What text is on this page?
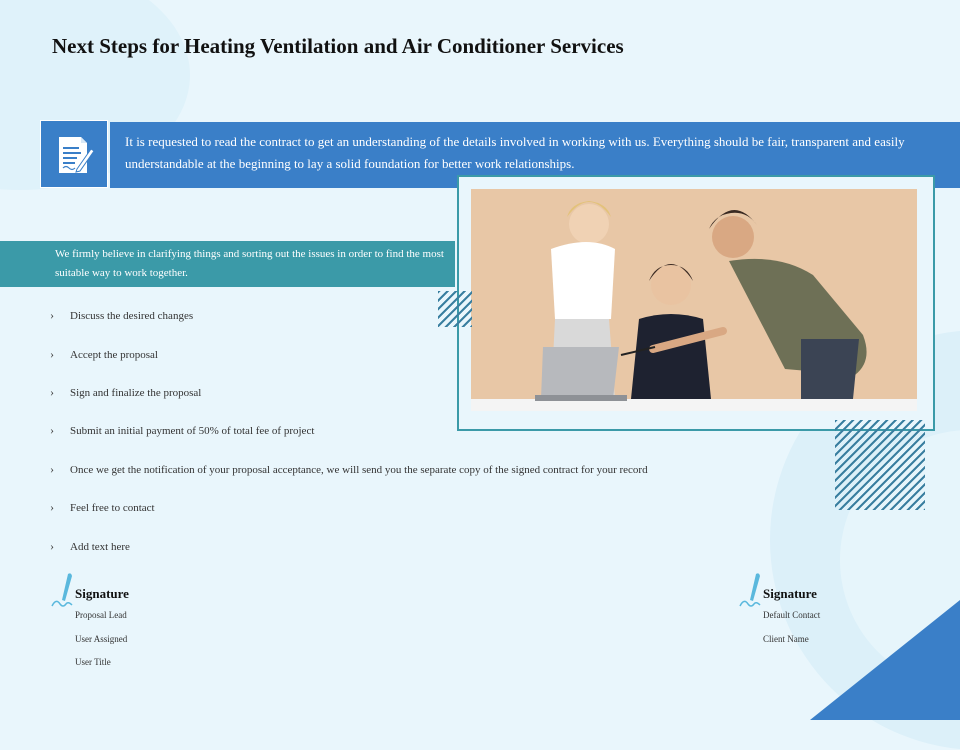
Next Steps for Heating Ventilation and Air Conditioner Services
It is requested to read the contract to get an understanding of the details involved in working with us. Everything should be fair, transparent and easily understandable at the beginning to lay a solid foundation for better work relationships.
We firmly believe in clarifying things and sorting out the issues in order to find the most suitable way to work together.
› Discuss the desired changes
› Accept the proposal
› Sign and finalize the proposal
› Submit an initial payment of 50% of total fee of project
› Once we get the notification of your proposal acceptance, we will send you the separate copy of the signed contract for your record
› Feel free to contact
› Add text here
Signature
Proposal Lead
User Assigned
User Title
Signature
Default Contact
Client Name
